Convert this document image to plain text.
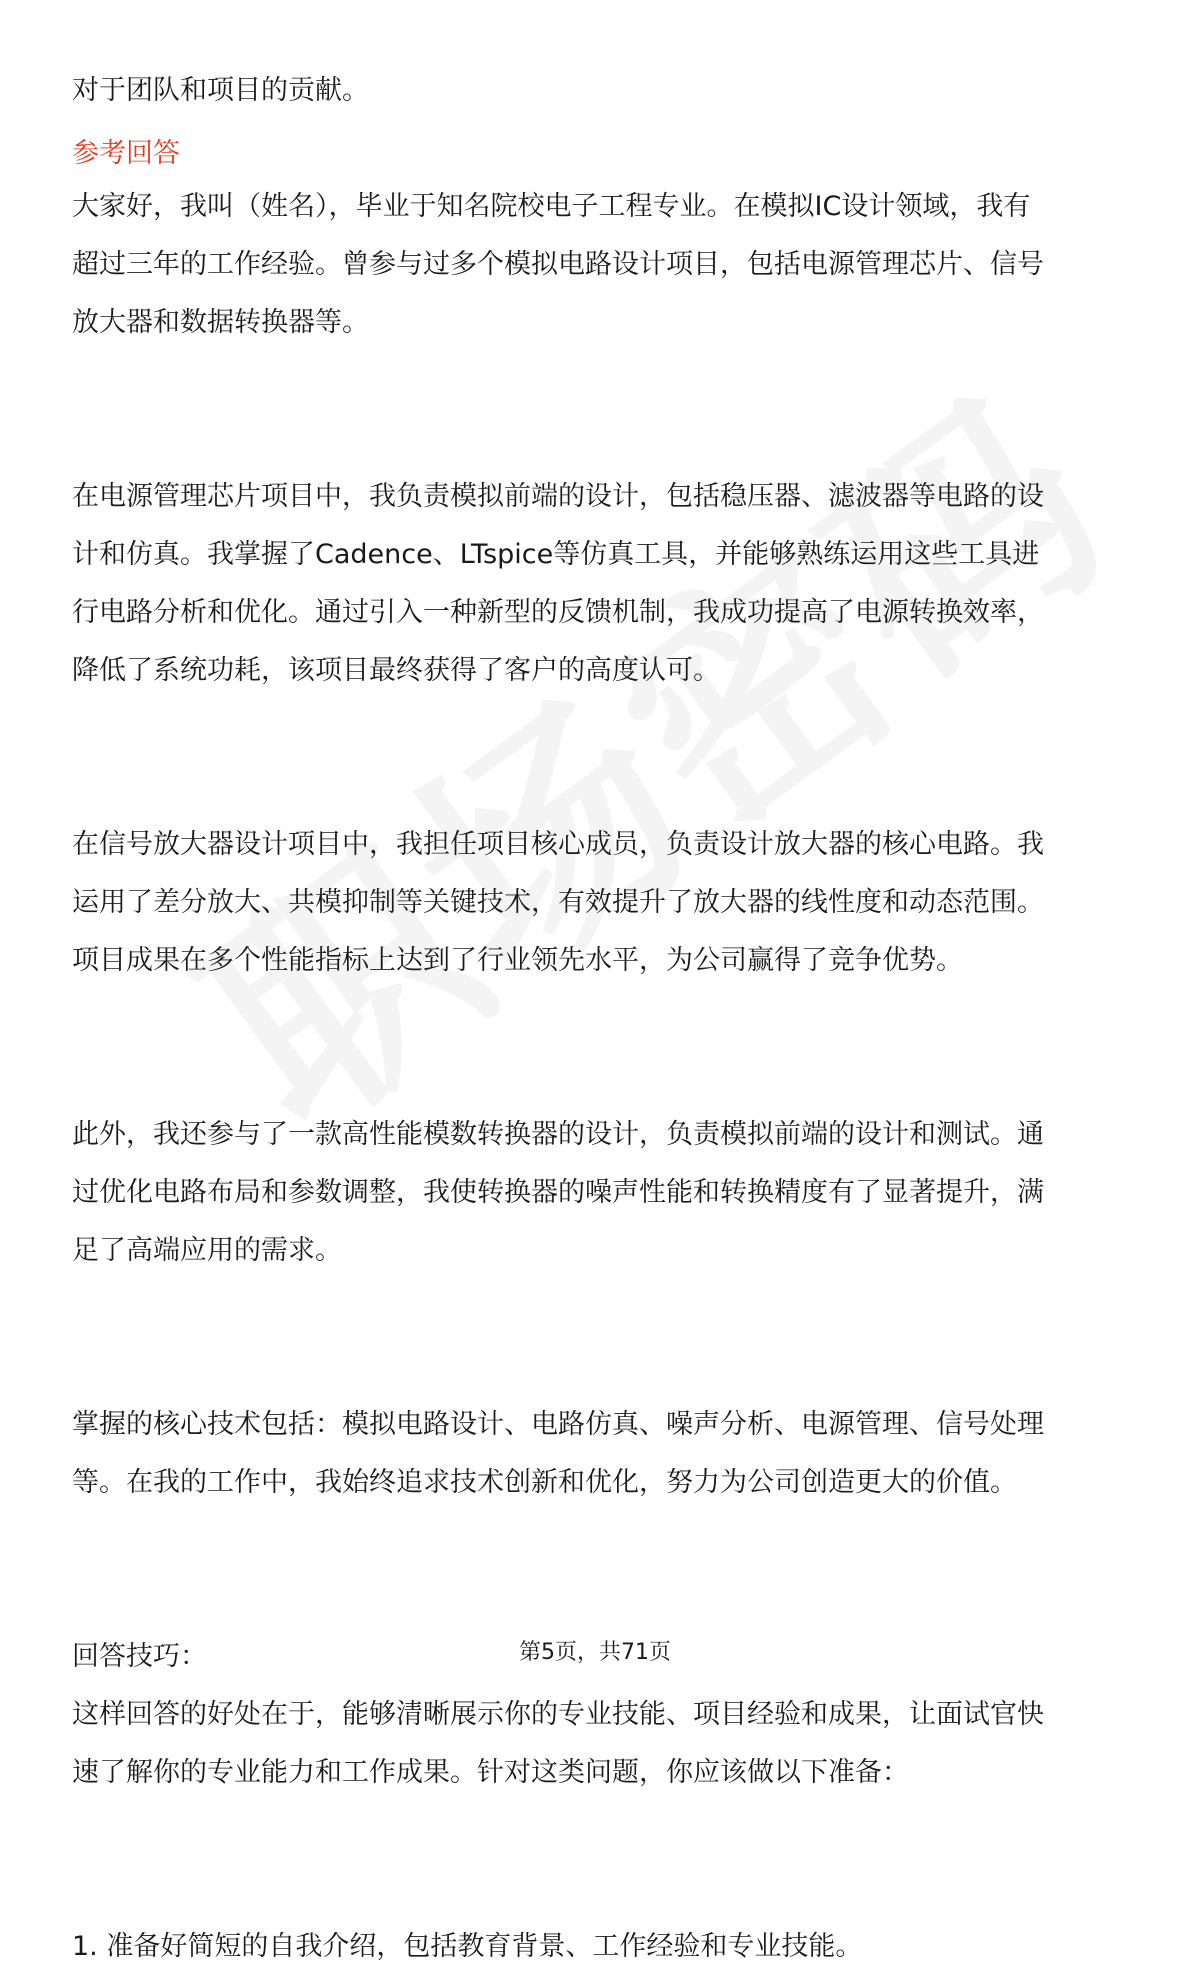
对于团队和项目的贡献。

参考回答

大家好，我叫（姓名），毕业于知名院校电子工程专业。在模拟IC设计领域，我有

超过三年的工作经验。曾参与过多个模拟电路设计项目，包括电源管理芯片、信号

放大器和数据转换器等。

在电源管理芯片项目中，我负责模拟前端的设计，包括稳压器、滤波器等电路的设

计和仿真。我掌握了Cadence、LTspice等仿真工具，并能够熟练运用这些工具进

行电路分析和优化。通过引入一种新型的反馈机制，我成功提高了电源转换效率，

降低了系统功耗，该项目最终获得了客户的高度认可。

在信号放大器设计项目中，我担任项目核心成员，负责设计放大器的核心电路。我

运用了差分放大、共模抑制等关键技术，有效提升了放大器的线性度和动态范围。

项目成果在多个性能指标上达到了行业领先水平，为公司赢得了竞争优势。

此外，我还参与了一款高性能模数转换器的设计，负责模拟前端的设计和测试。通

过优化电路布局和参数调整，我使转换器的噪声性能和转换精度有了显著提升，满

足了高端应用的需求。

掌握的核心技术包括：模拟电路设计、电路仿真、噪声分析、电源管理、信号处理

等。在我的工作中，我始终追求技术创新和优化，努力为公司创造更大的价值。

回答技巧：

这样回答的好处在于，能够清晰展示你的专业技能、项目经验和成果，让面试官快

速了解你的专业能力和工作成果。针对这类问题，你应该做以下准备：

1. 准备好简短的自我介绍，包括教育背景、工作经验和专业技能。

第5页，共71页
